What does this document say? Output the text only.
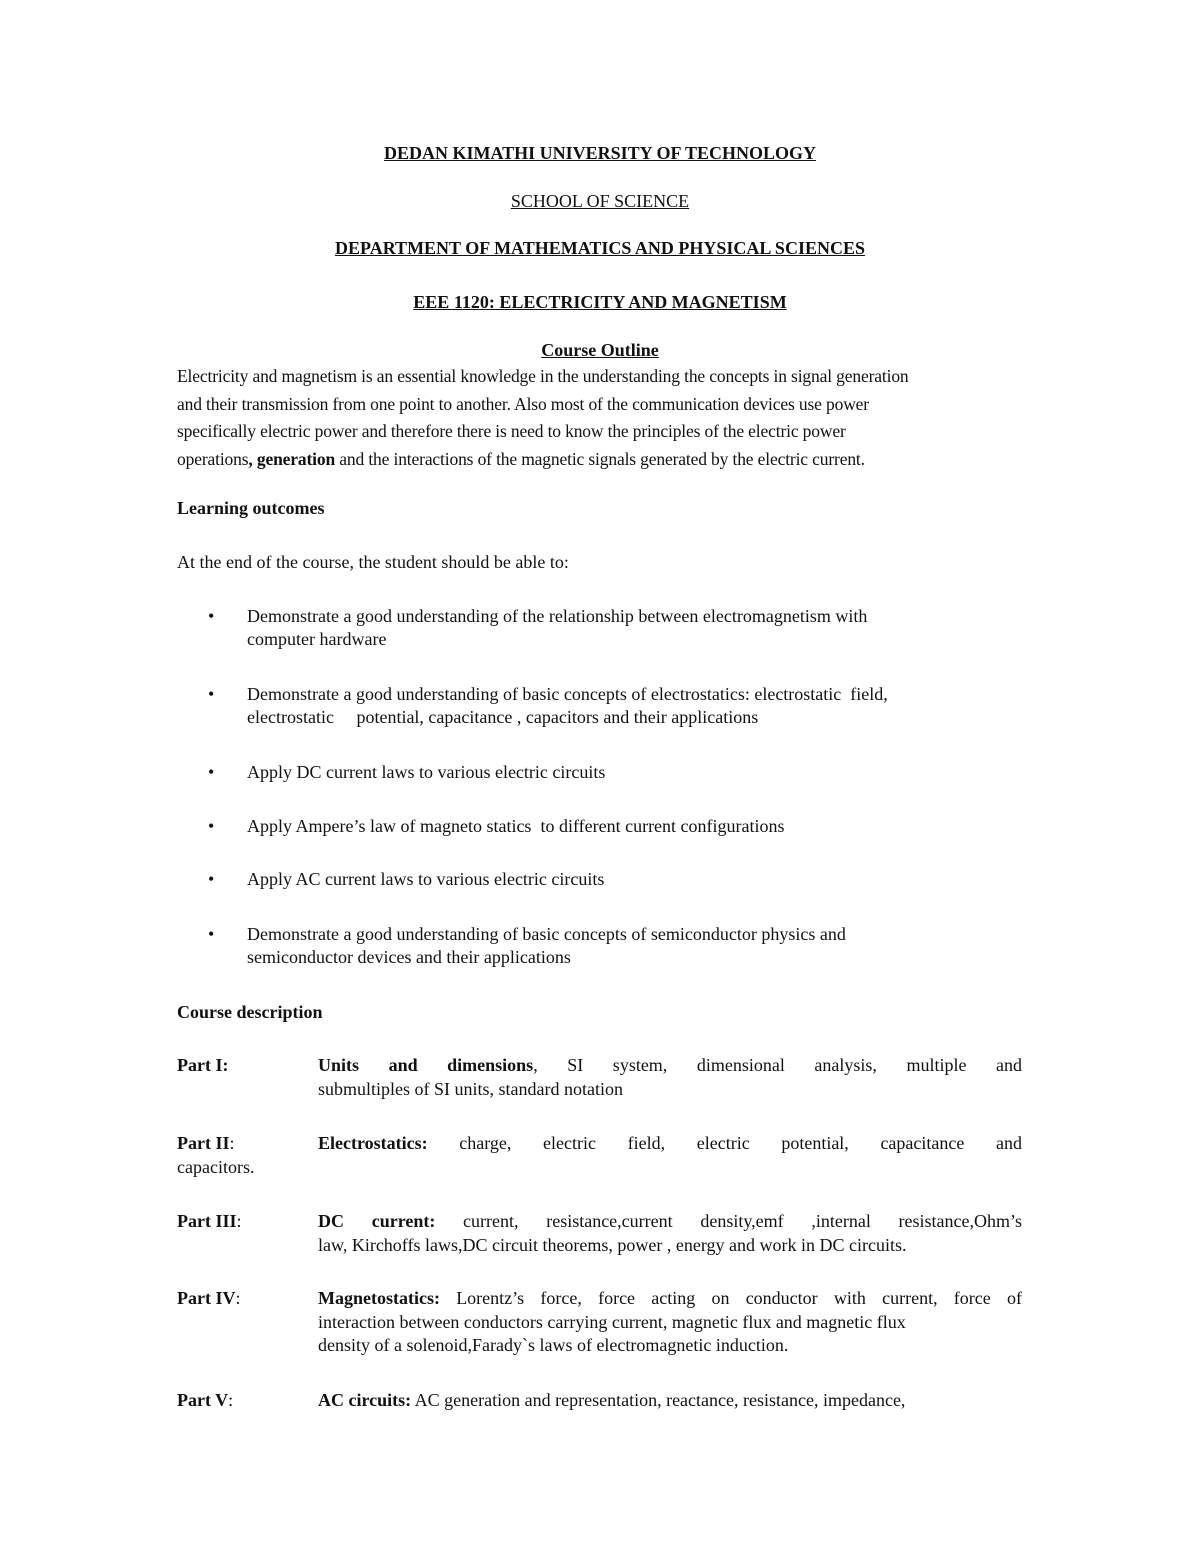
DEDAN KIMATHI UNIVERSITY OF TECHNOLOGY
SCHOOL OF SCIENCE
DEPARTMENT OF MATHEMATICS AND PHYSICAL SCIENCES
EEE 1120: ELECTRICITY AND MAGNETISM
Course Outline
Electricity and magnetism is an essential knowledge in the understanding the concepts in signal generation
and their transmission from one point to another. Also most of the communication devices use power
specifically electric power and therefore there is need to know the principles of the electric power
operations, generation and the interactions of the magnetic signals generated by the electric current.
Learning outcomes
At the end of the course, the student should be able to:
•	Demonstrate a good understanding of the relationship between electromagnetism with
computer hardware
•	Demonstrate a good understanding of basic concepts of electrostatics: electrostatic  field,
electrostatic     potential, capacitance , capacitors and their applications
•	Apply DC current laws to various electric circuits
•	Apply Ampere’s law of magneto statics  to different current configurations
•	Apply AC current laws to various electric circuits
•	Demonstrate a good understanding of basic concepts of semiconductor physics and
semiconductor devices and their applications
Course description
Part I:	Units and dimensions, SI system, dimensional analysis, multiple and
submultiples of SI units, standard notation
Part II:	Electrostatics: charge, electric field, electric potential, capacitance and
capacitors.
Part III:	DC current: current, resistance,current density,emf ,internal resistance,Ohm’s
law, Kirchoffs laws,DC circuit theorems, power , energy and work in DC circuits.
Part IV:	Magnetostatics: Lorentz’s force, force acting on conductor with current, force of
interaction between conductors carrying current, magnetic flux and magnetic flux
density of a solenoid,Farady`s laws of electromagnetic induction.
Part V:	AC circuits: AC generation and representation, reactance, resistance, impedance,
